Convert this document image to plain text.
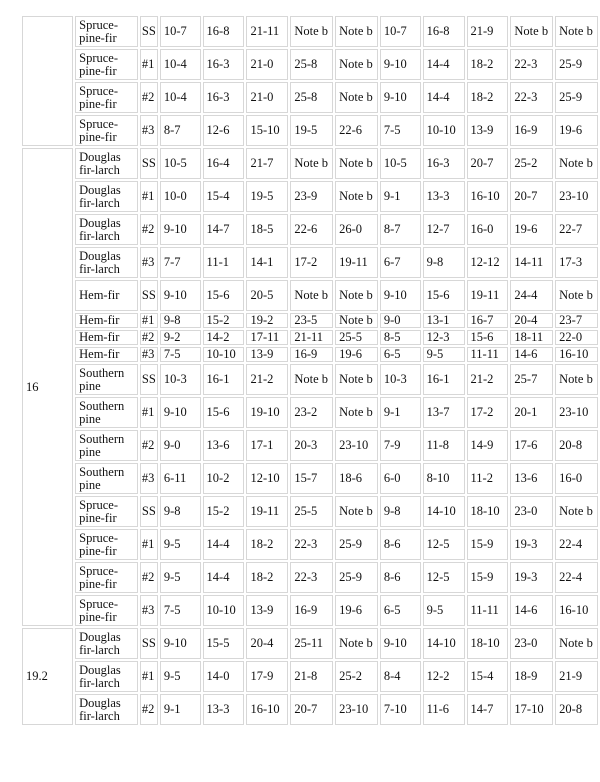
	Spruce-pine-fir	SS	10-7	16-8	21-11	Note b	Note b	10-7	16-8	21-9	Note b	Note b
	Spruce-pine-fir	#1	10-4	16-3	21-0	25-8	Note b	9-10	14-4	18-2	22-3	25-9
	Spruce-pine-fir	#2	10-4	16-3	21-0	25-8	Note b	9-10	14-4	18-2	22-3	25-9
	Spruce-pine-fir	#3	8-7	12-6	15-10	19-5	22-6	7-5	10-10	13-9	16-9	19-6
16	Douglas fir-larch	SS	10-5	16-4	21-7	Note b	Note b	10-5	16-3	20-7	25-2	Note b
	Douglas fir-larch	#1	10-0	15-4	19-5	23-9	Note b	9-1	13-3	16-10	20-7	23-10
	Douglas fir-larch	#2	9-10	14-7	18-5	22-6	26-0	8-7	12-7	16-0	19-6	22-7
	Douglas fir-larch	#3	7-7	11-1	14-1	17-2	19-11	6-7	9-8	12-12	14-11	17-3
	Hem-fir	SS	9-10	15-6	20-5	Note b	Note b	9-10	15-6	19-11	24-4	Note b
	Hem-fir	#1	9-8	15-2	19-2	23-5	Note b	9-0	13-1	16-7	20-4	23-7
	Hem-fir	#2	9-2	14-2	17-11	21-11	25-5	8-5	12-3	15-6	18-11	22-0
	Hem-fir	#3	7-5	10-10	13-9	16-9	19-6	6-5	9-5	11-11	14-6	16-10
	Southern pine	SS	10-3	16-1	21-2	Note b	Note b	10-3	16-1	21-2	25-7	Note b
	Southern pine	#1	9-10	15-6	19-10	23-2	Note b	9-1	13-7	17-2	20-1	23-10
	Southern pine	#2	9-0	13-6	17-1	20-3	23-10	7-9	11-8	14-9	17-6	20-8
	Southern pine	#3	6-11	10-2	12-10	15-7	18-6	6-0	8-10	11-2	13-6	16-0
	Spruce-pine-fir	SS	9-8	15-2	19-11	25-5	Note b	9-8	14-10	18-10	23-0	Note b
	Spruce-pine-fir	#1	9-5	14-4	18-2	22-3	25-9	8-6	12-5	15-9	19-3	22-4
	Spruce-pine-fir	#2	9-5	14-4	18-2	22-3	25-9	8-6	12-5	15-9	19-3	22-4
	Spruce-pine-fir	#3	7-5	10-10	13-9	16-9	19-6	6-5	9-5	11-11	14-6	16-10
19.2	Douglas fir-larch	SS	9-10	15-5	20-4	25-11	Note b	9-10	14-10	18-10	23-0	Note b
	Douglas fir-larch	#1	9-5	14-0	17-9	21-8	25-2	8-4	12-2	15-4	18-9	21-9
	Douglas fir-larch	#2	9-1	13-3	16-10	20-7	23-10	7-10	11-6	14-7	17-10	20-8
